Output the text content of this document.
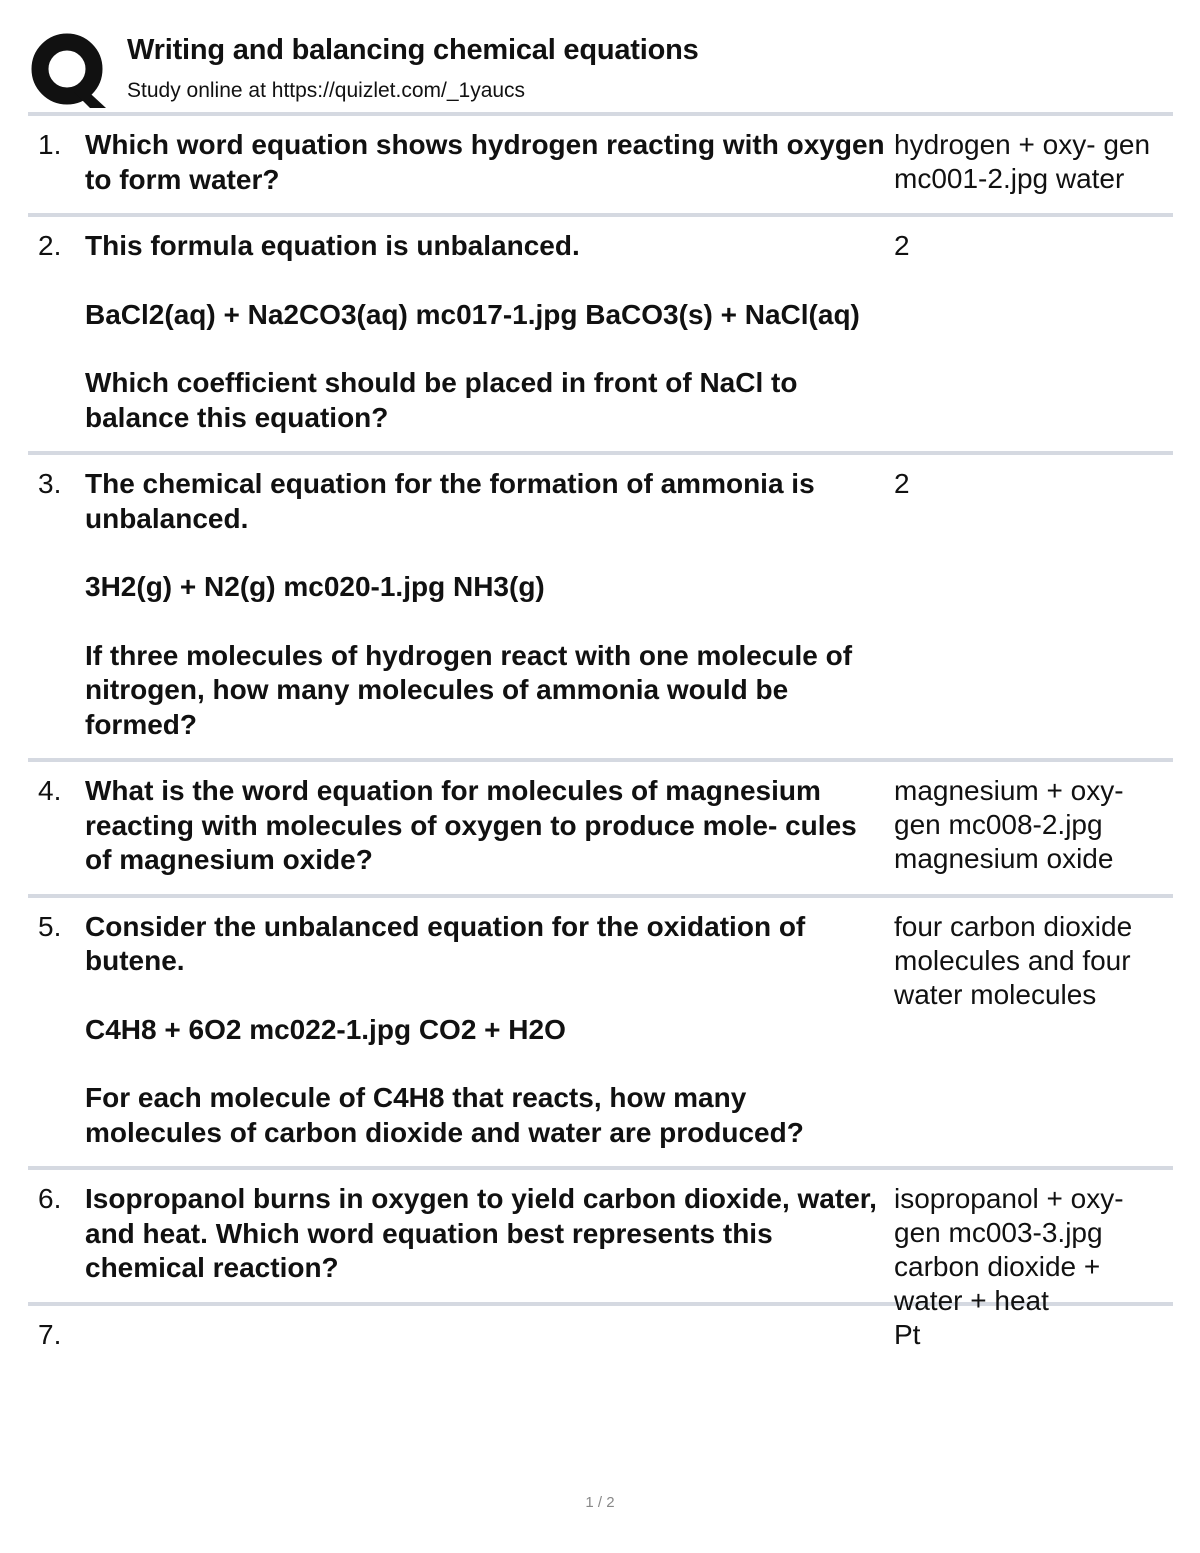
Writing and balancing chemical equations
Study online at https://quizlet.com/_1yaucs
1. Which word equation shows hydrogen reacting with oxygen to form water?

hydrogen + oxy- gen mc001-2.jpg water
2. This formula equation is unbalanced.

BaCl2(aq) + Na2CO3(aq) mc017-1.jpg BaCO3(s) + NaCl(aq)

Which coefficient should be placed in front of NaCl to balance this equation?

2
3. The chemical equation for the formation of ammonia is unbalanced.

3H2(g) + N2(g) mc020-1.jpg NH3(g)

If three molecules of hydrogen react with one molecule of nitrogen, how many molecules of ammonia would be formed?

2
4. What is the word equation for molecules of magnesium reacting with molecules of oxygen to produce mole- cules of magnesium oxide?

magnesium + oxy- gen mc008-2.jpg magnesium oxide
5. Consider the unbalanced equation for the oxidation of butene.

C4H8 + 6O2 mc022-1.jpg CO2 + H2O

For each molecule of C4H8 that reacts, how many molecules of carbon dioxide and water are produced?

four carbon dioxide molecules and four water molecules
6. Isopropanol burns in oxygen to yield carbon dioxide, water, and heat. Which word equation best represents this chemical reaction?

isopropanol + oxy- gen mc003-3.jpg carbon dioxide + water + heat
7.	Pt
1 / 2
